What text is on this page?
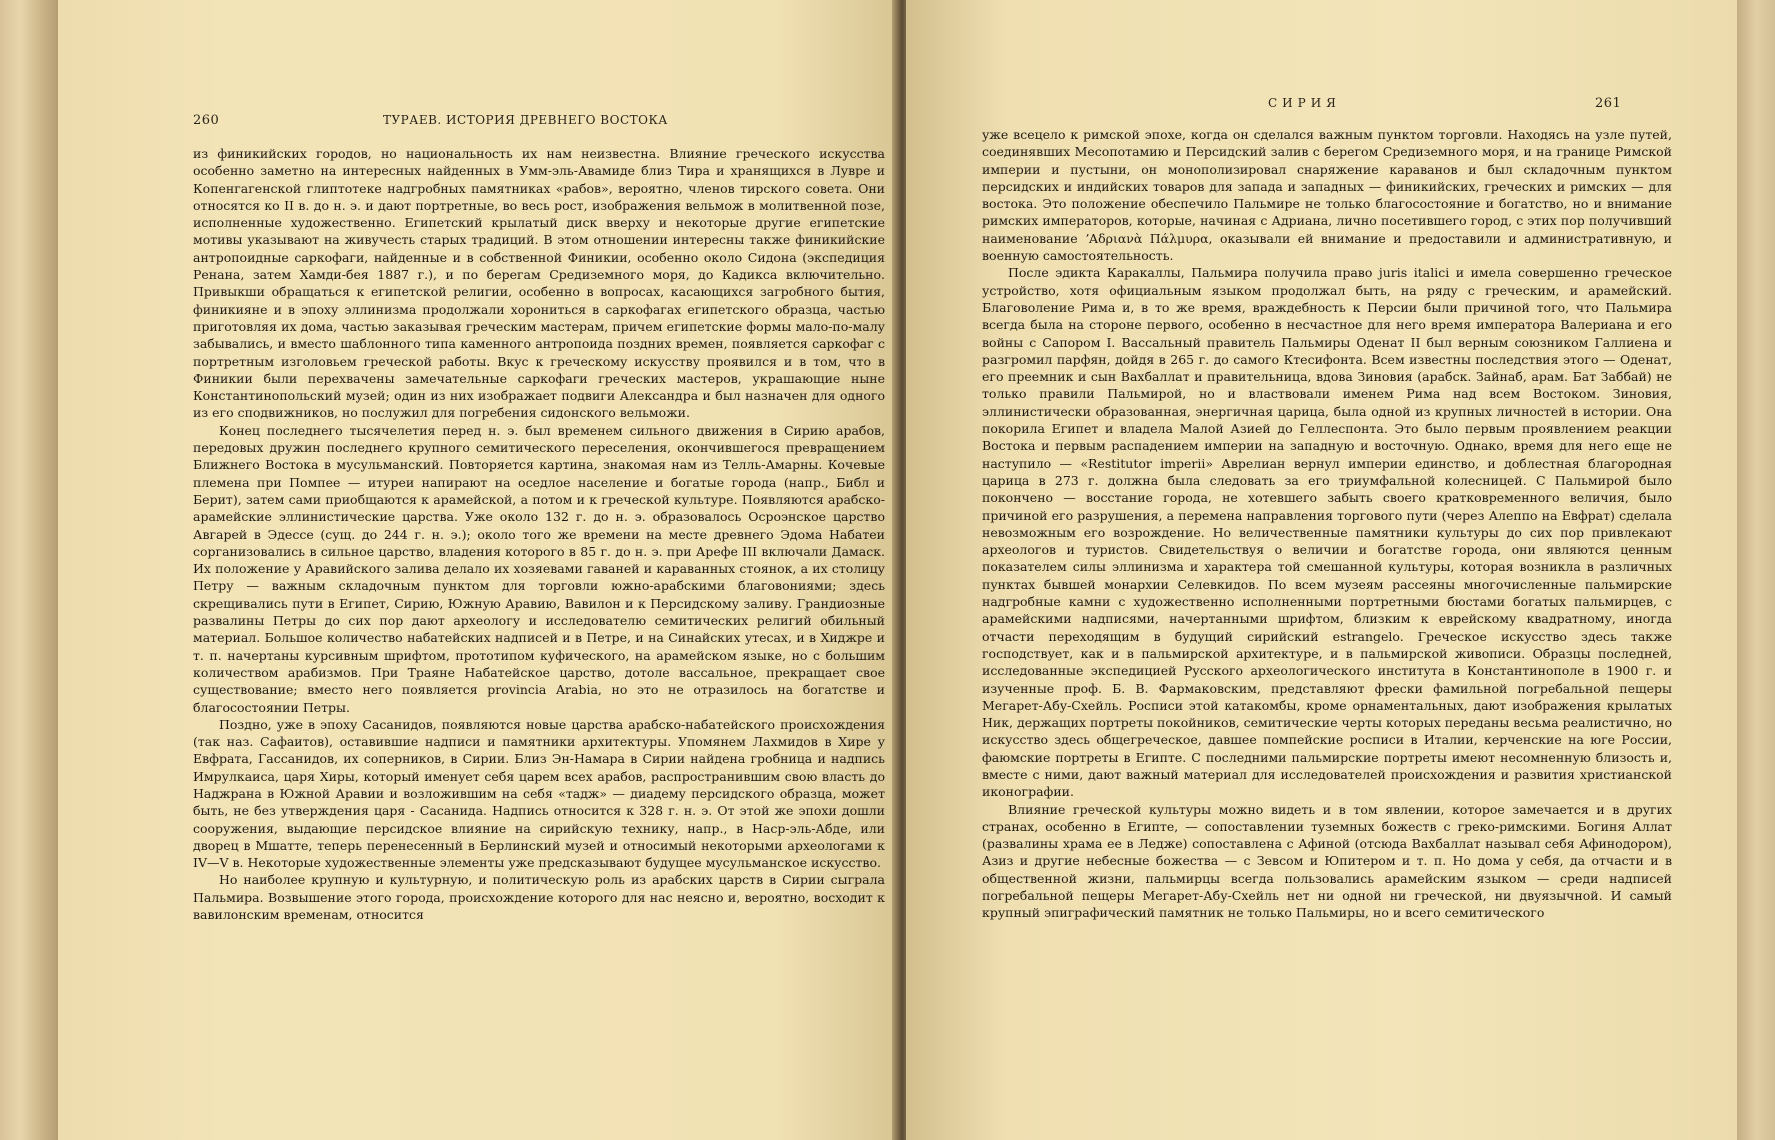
260	ТУРАЕВ. ИСТОРИЯ ДРЕВНЕГО ВОСТОКА

из финикийских городов, но национальность их нам неизвестна. Влияние греческого искусства особенно заметно на интересных найденных в Умм-эль-Авамиде близ Тира и хранящихся в Лувре и Копенгагенской глиптотеке надгробных памятниках «рабов», вероятно, членов тирского совета. Они относятся ко II в. до н. э. и дают портретные, во весь рост, изображения вельмож в молитвенной позе, исполненные художественно. Египетский крылатый диск вверху и некоторые другие египетские мотивы указывают на живучесть старых традиций. В этом отношении интересны также финикийские антропоидные саркофаги, найденные и в собственной Финикии, особенно около Сидона (экспедиция Ренана, затем Хамди-бея 1887 г.), и по берегам Средиземного моря, до Кадикса включительно. Привыкши обращаться к египетской религии, особенно в вопросах, касающихся загробного бытия, финикияне и в эпоху эллинизма продолжали хорониться в саркофагах египетского образца, частью приготовляя их дома, частью заказывая греческим мастерам, причем египетские формы мало-по-малу забывались, и вместо шаблонного типа каменного антропоида поздних времен, появляется саркофаг с портретным изголовьем греческой работы. Вкус к греческому искусству проявился и в том, что в Финикии были перехвачены замечательные саркофаги греческих мастеров, украшающие ныне Константинопольский музей; один из них изображает подвиги Александра и был назначен для одного из его сподвижников, но послужил для погребения сидонского вельможи.

Конец последнего тысячелетия перед н. э. был временем сильного движения в Сирию арабов, передовых дружин последнего крупного семитического переселения, окончившегося превращением Ближнего Востока в мусульманский. Повторяется картина, знакомая нам из Телль-Амарны. Кочевые племена при Помпее — итуреи напирают на оседлое население и богатые города (напр., Библ и Берит), затем сами приобщаются к арамейской, а потом и к греческой культуре. Появляются арабско-арамейские эллинистические царства. Уже около 132 г. до н. э. образовалось Осроэнское царство Авгарей в Эдессе (сущ. до 244 г. н. э.); около того же времени на месте древнего Эдома Набатеи сорганизовались в сильное царство, владения которого в 85 г. до н. э. при Арефе III включали Дамаск. Их положение у Аравийского залива делало их хозяевами гаваней и караванных стоянок, а их столицу Петру — важным складочным пунктом для торговли южно-арабскими благовониями; здесь скрещивались пути в Египет, Сирию, Южную Аравию, Вавилон и к Персидскому заливу. Грандиозные развалины Петры до сих пор дают археологу и исследователю семитических религий обильный материал. Большое количество набатейских надписей и в Петре, и на Синайских утесах, и в Хиджре и т. п. начертаны курсивным шрифтом, прототипом куфического, на арамейском языке, но с большим количеством арабизмов. При Траяне Набатейское царство, дотоле вассальное, прекращает свое существование; вместо него появляется provincia Arabia, но это не отразилось на богатстве и благосостоянии Петры.

Поздно, уже в эпоху Сасанидов, появляются новые царства арабско-набатейского происхождения (так наз. Сафаитов), оставившие надписи и памятники архитектуры. Упомянем Лахмидов в Хире у Евфрата, Гассанидов, их соперников, в Сирии. Близ Эн-Намара в Сирии найдена гробница и надпись Имрулкаиса, царя Хиры, который именует себя царем всех арабов, распространившим свою власть до Наджрана в Южной Аравии и возложившим на себя «тадж» — диадему персидского образца, может быть, не без утверждения царя - Сасанида. Надпись относится к 328 г. н. э. От этой же эпохи дошли сооружения, выдающие персидское влияние на сирийскую технику, напр., в Наср-эль-Абде, или дворец в Мшатте, теперь перенесенный в Берлинский музей и относимый некоторыми археологами к IV—V в. Некоторые художественные элементы уже предсказывают будущее мусульманское искусство.

Но наиболее крупную и культурную, и политическую роль из арабских царств в Сирии сыграла Пальмира. Возвышение этого города, происхождение которого для нас неясно и, вероятно, восходит к вавилонским временам, относится

СИРИЯ	261

уже всецело к римской эпохе, когда он сделался важным пунктом торговли. Находясь на узле путей, соединявших Месопотамию и Персидский залив с берегом Средиземного моря, и на границе Римской империи и пустыни, он монополизировал снаряжение караванов и был складочным пунктом персидских и индийских товаров для запада и западных — финикийских, греческих и римских — для востока. Это положение обеспечило Пальмире не только благосостояние и богатство, но и внимание римских императоров, которые, начиная с Адриана, лично посетившего город, с этих пор получивший наименование ʼΑδριανὰ Πάλμυρα, оказывали ей внимание и предоставили и административную, и военную самостоятельность.

После эдикта Каракаллы, Пальмира получила право juris italici и имела совершенно греческое устройство, хотя официальным языком продолжал быть, на ряду с греческим, и арамейский. Благоволение Рима и, в то же время, враждебность к Персии были причиной того, что Пальмира всегда была на стороне первого, особенно в несчастное для него время императора Валериана и его войны с Сапором I. Вассальный правитель Пальмиры Оденат II был верным союзником Галлиена и разгромил парфян, дойдя в 265 г. до самого Ктесифонта. Всем известны последствия этого — Оденат, его преемник и сын Вахбаллат и правительница, вдова Зиновия (арабск. Зайнаб, арам. Бат Заббай) не только правили Пальмирой, но и властвовали именем Рима над всем Востоком. Зиновия, эллинистически образованная, энергичная царица, была одной из крупных личностей в истории. Она покорила Египет и владела Малой Азией до Геллеспонта. Это было первым проявлением реакции Востока и первым распадением империи на западную и восточную. Однако, время для него еще не наступило — «Restitutor imperii» Аврелиан вернул империи единство, и доблестная благородная царица в 273 г. должна была следовать за его триумфальной колесницей. С Пальмирой было покончено — восстание города, не хотевшего забыть своего кратковременного величия, было причиной его разрушения, а перемена направления торгового пути (через Алеппо на Евфрат) сделала невозможным его возрождение. Но величественные памятники культуры до сих пор привлекают археологов и туристов. Свидетельствуя о величии и богатстве города, они являются ценным показателем силы эллинизма и характера той смешанной культуры, которая возникла в различных пунктах бывшей монархии Селевкидов. По всем музеям рассеяны многочисленные пальмирские надгробные камни с художественно исполненными портретными бюстами богатых пальмирцев, с арамейскими надписями, начертанными шрифтом, близким к еврейскому квадратному, иногда отчасти переходящим в будущий сирийский estrangelo. Греческое искусство здесь также господствует, как и в пальмирской архитектуре, и в пальмирской живописи. Образцы последней, исследованные экспедицией Русского археологического института в Константинополе в 1900 г. и изученные проф. Б. В. Фармаковским, представляют фрески фамильной погребальной пещеры Мегарет-Абу-Схейль. Росписи этой катакомбы, кроме орнаментальных, дают изображения крылатых Ник, держащих портреты покойников, семитические черты которых переданы весьма реалистично, но искусство здесь общегреческое, давшее помпейские росписи в Италии, керченские на юге России, фаюмские портреты в Египте. С последними пальмирские портреты имеют несомненную близость и, вместе с ними, дают важный материал для исследователей происхождения и развития христианской иконографии.

Влияние греческой культуры можно видеть и в том явлении, которое замечается и в других странах, особенно в Египте, — сопоставлении туземных божеств с греко-римскими. Богиня Аллат (развалины храма ее в Ледже) сопоставлена с Афиной (отсюда Вахбаллат называл себя Афинодором), Азиз и другие небесные божества — с Зевсом и Юпитером и т. п. Но дома у себя, да отчасти и в общественной жизни, пальмирцы всегда пользовались арамейским языком — среди надписей погребальной пещеры Мегарет-Абу-Схейль нет ни одной ни греческой, ни двуязычной. И самый крупный эпиграфический памятник не только Пальмиры, но и всего семитического
